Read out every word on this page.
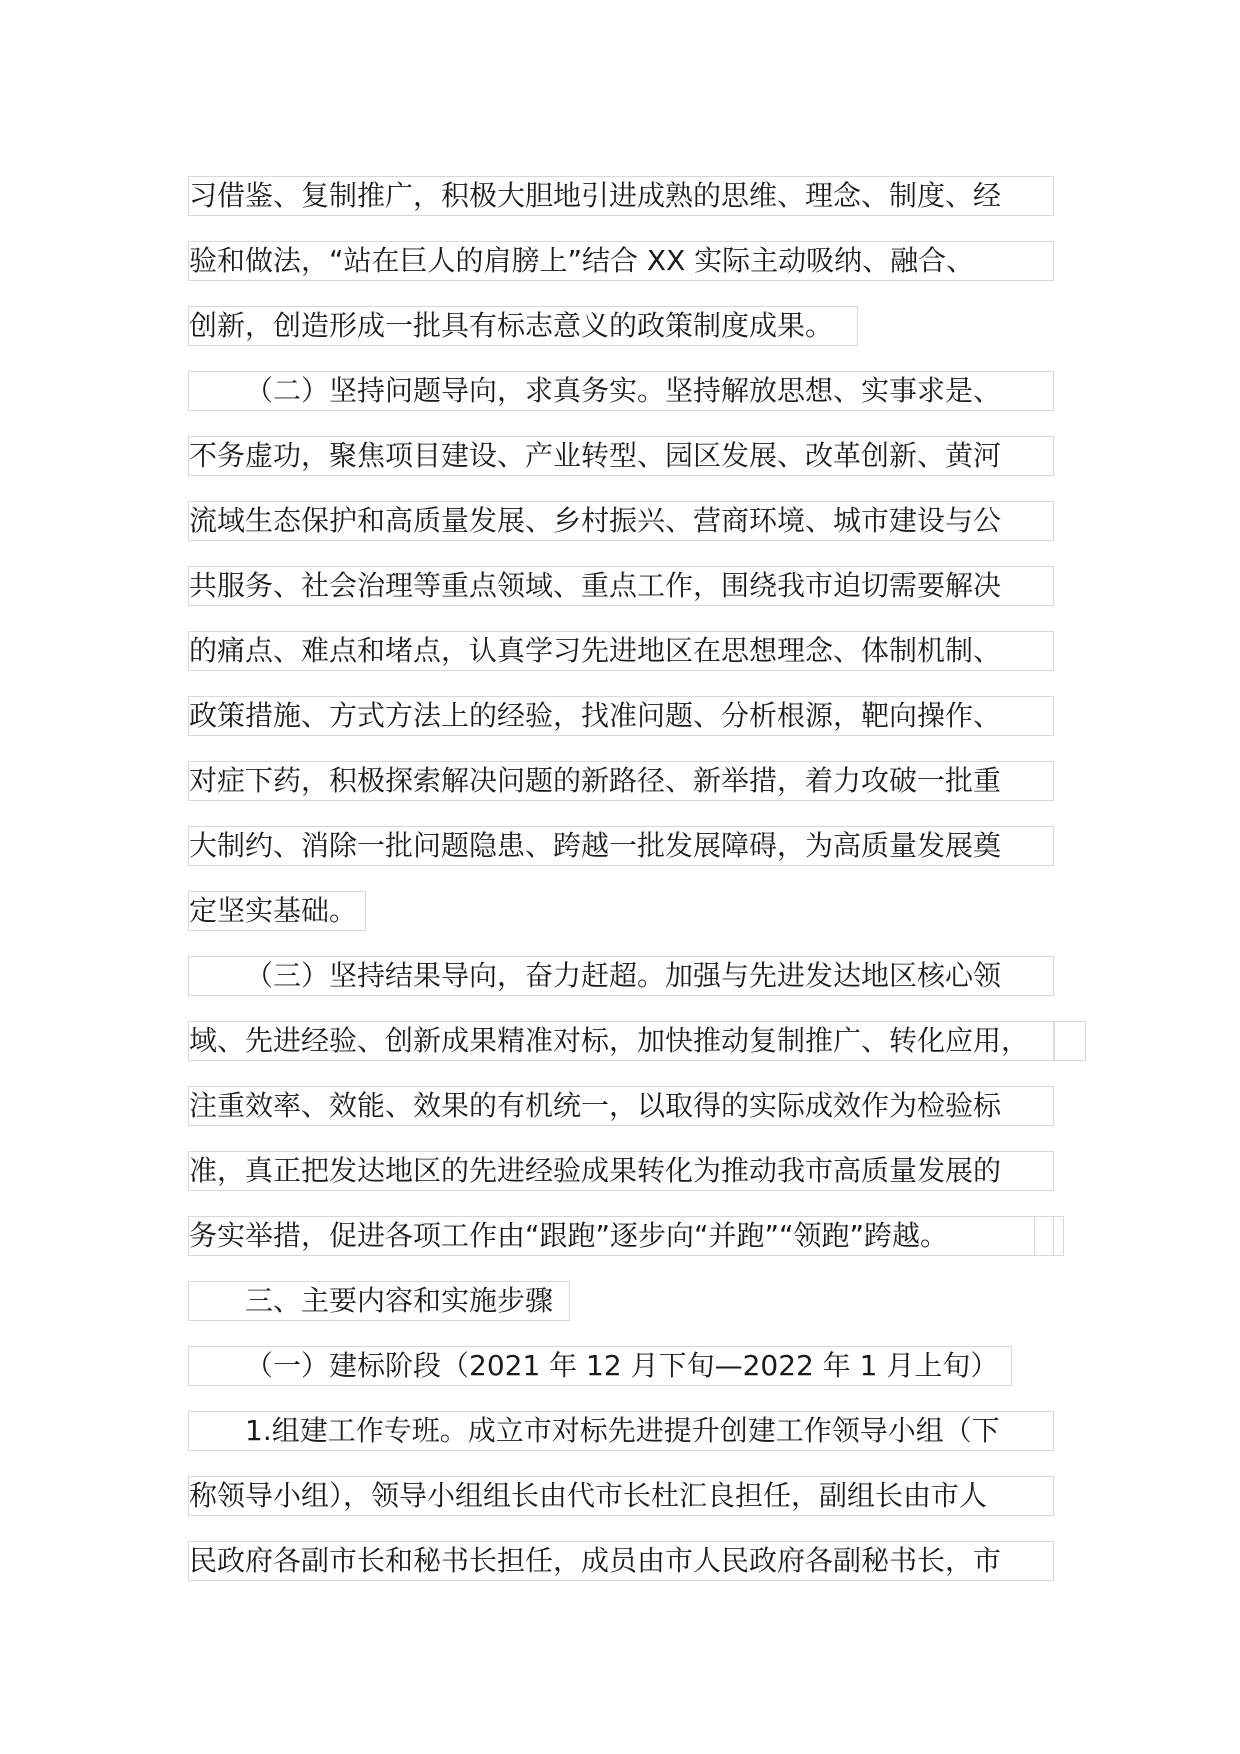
习借鉴、复制推广，积极大胆地引进成熟的思维、理念、制度、经
验和做法，“站在巨人的肩膀上”结合 XX 实际主动吸纳、融合、
创新，创造形成一批具有标志意义的政策制度成果。
（二）坚持问题导向，求真务实。坚持解放思想、实事求是、
不务虚功，聚焦项目建设、产业转型、园区发展、改革创新、黄河
流域生态保护和高质量发展、乡村振兴、营商环境、城市建设与公
共服务、社会治理等重点领域、重点工作，围绕我市迫切需要解决
的痛点、难点和堵点，认真学习先进地区在思想理念、体制机制、
政策措施、方式方法上的经验，找准问题、分析根源，靶向操作、
对症下药，积极探索解决问题的新路径、新举措，着力攻破一批重
大制约、消除一批问题隐患、跨越一批发展障碍，为高质量发展奠
定坚实基础。
（三）坚持结果导向，奋力赶超。加强与先进发达地区核心领
域、先进经验、创新成果精准对标，加快推动复制推广、转化应用，
注重效率、效能、效果的有机统一，以取得的实际成效作为检验标
准，真正把发达地区的先进经验成果转化为推动我市高质量发展的
务实举措，促进各项工作由“跟跑”逐步向“并跑”“领跑”跨越。
三、主要内容和实施步骤
（一）建标阶段（2021 年 12 月下旬—2022 年 1 月上旬）
1.组建工作专班。成立市对标先进提升创建工作领导小组（下
称领导小组），领导小组组长由代市长杜汇良担任，副组长由市人
民政府各副市长和秘书长担任，成员由市人民政府各副秘书长，市
